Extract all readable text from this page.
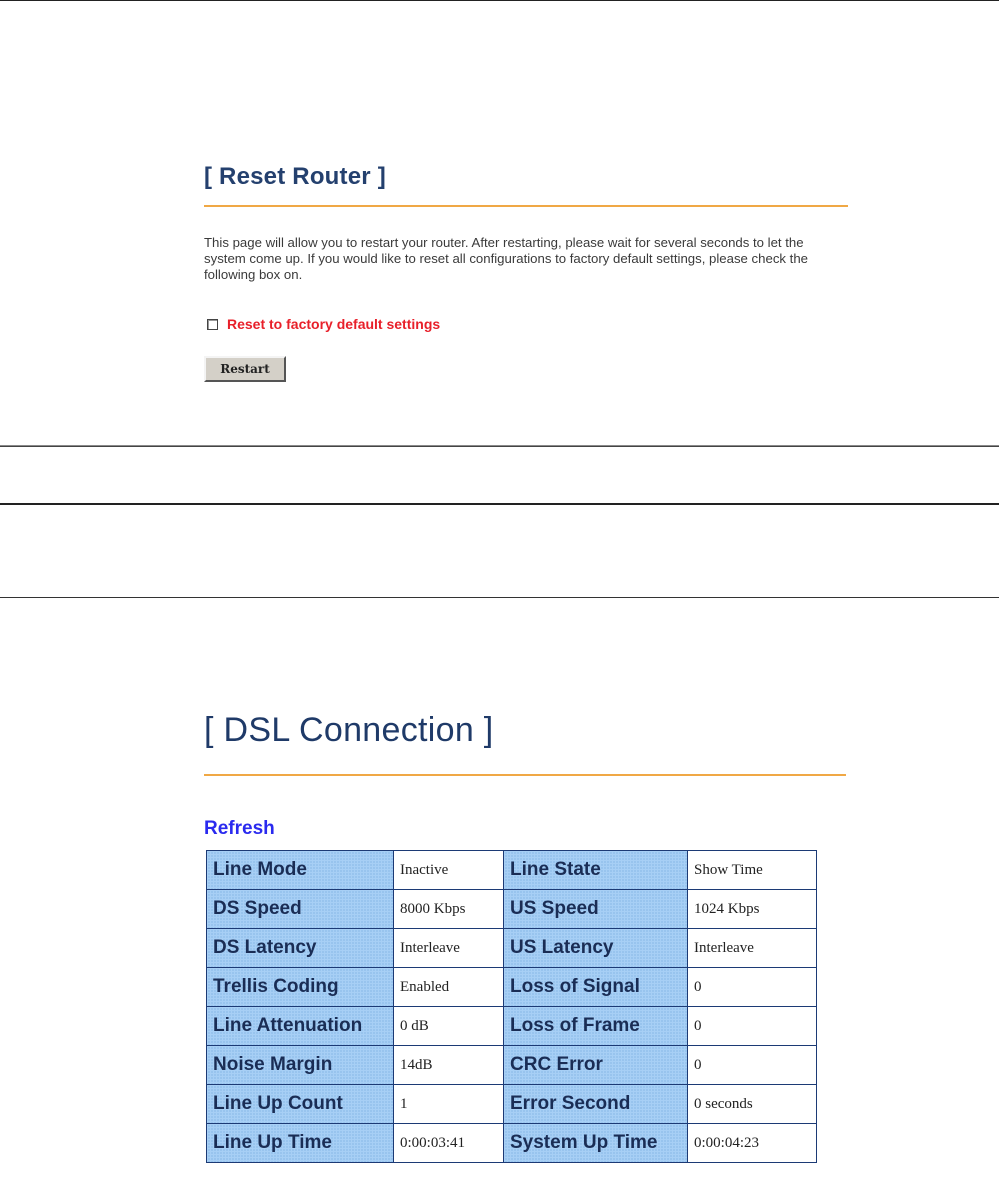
[ Reset Router ]

This page will allow you to restart your router. After restarting, please wait for several seconds to let the system come up. If you would like to reset all configurations to factory default settings, please check the following box on.

Reset to factory default settings
Restart
[ DSL Connection ]
Refresh
Line Mode	Inactive	Line State	Show Time
DS Speed	8000 Kbps	US Speed	1024 Kbps
DS Latency	Interleave	US Latency	Interleave
Trellis Coding	Enabled	Loss of Signal	0
Line Attenuation	0 dB	Loss of Frame	0
Noise Margin	14dB	CRC Error	0
Line Up Count	1	Error Second	0 seconds
Line Up Time	0:00:03:41	System Up Time	0:00:04:23
